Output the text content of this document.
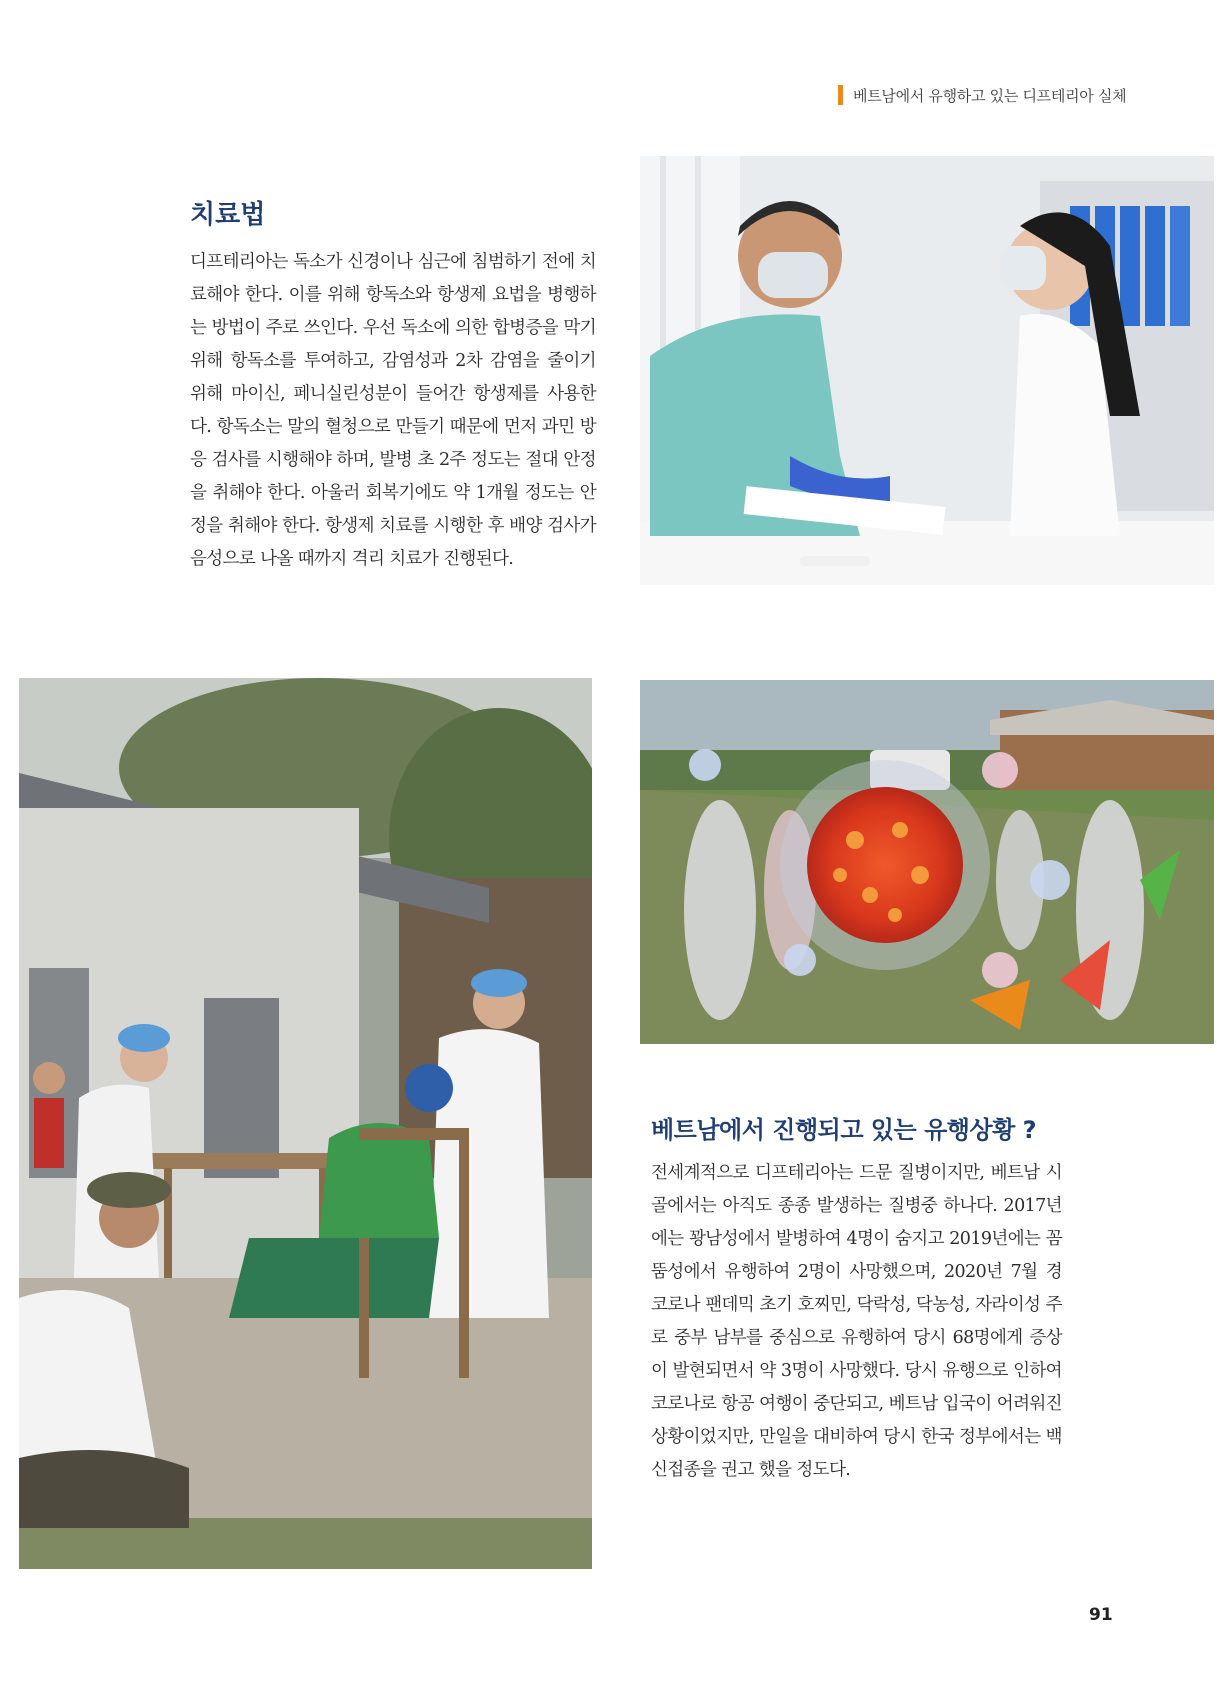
베트남에서 유행하고 있는 디프테리아 실체
치료법

디프테리아는 독소가 신경이나 심근에 침범하기 전에 치료해야 한다. 이를 위해 항독소와 항생제 요법을 병행하는 방법이 주로 쓰인다. 우선 독소에 의한 합병증을 막기 위해 항독소를 투여하고, 감염성과 2차 감염을 줄이기 위해 마이신, 페니실린성분이 들어간 항생제를 사용한다. 항독소는 말의 혈청으로 만들기 때문에 먼저 과민 방응 검사를 시행해야 하며, 발병 초 2주 정도는 절대 안정을 취해야 한다. 아울러 회복기에도 약 1개월 정도는 안정을 취해야 한다. 항생제 치료를 시행한 후 배양 검사가 음성으로 나올 때까지 격리 치료가 진행된다.

베트남에서 진행되고 있는 유행상황 ?

전세계적으로 디프테리아는 드문 질병이지만, 베트남 시골에서는 아직도 종종 발생하는 질병중 하나다. 2017년에는 꽝남성에서 발병하여 4명이 숨지고 2019년에는 꼼뚬성에서 유행하여 2명이 사망했으며, 2020년 7월 경 코로나 팬데믹 초기 호찌민, 닥락성, 닥농성, 자라이성 주로 중부 남부를 중심으로 유행하여 당시 68명에게 증상이 발현되면서 약 3명이 사망했다. 당시 유행으로 인하여 코로나로 항공 여행이 중단되고, 베트남 입국이 어려워진 상황이었지만, 만일을 대비하여 당시 한국 정부에서는 백신접종을 권고 했을 정도다.

91
